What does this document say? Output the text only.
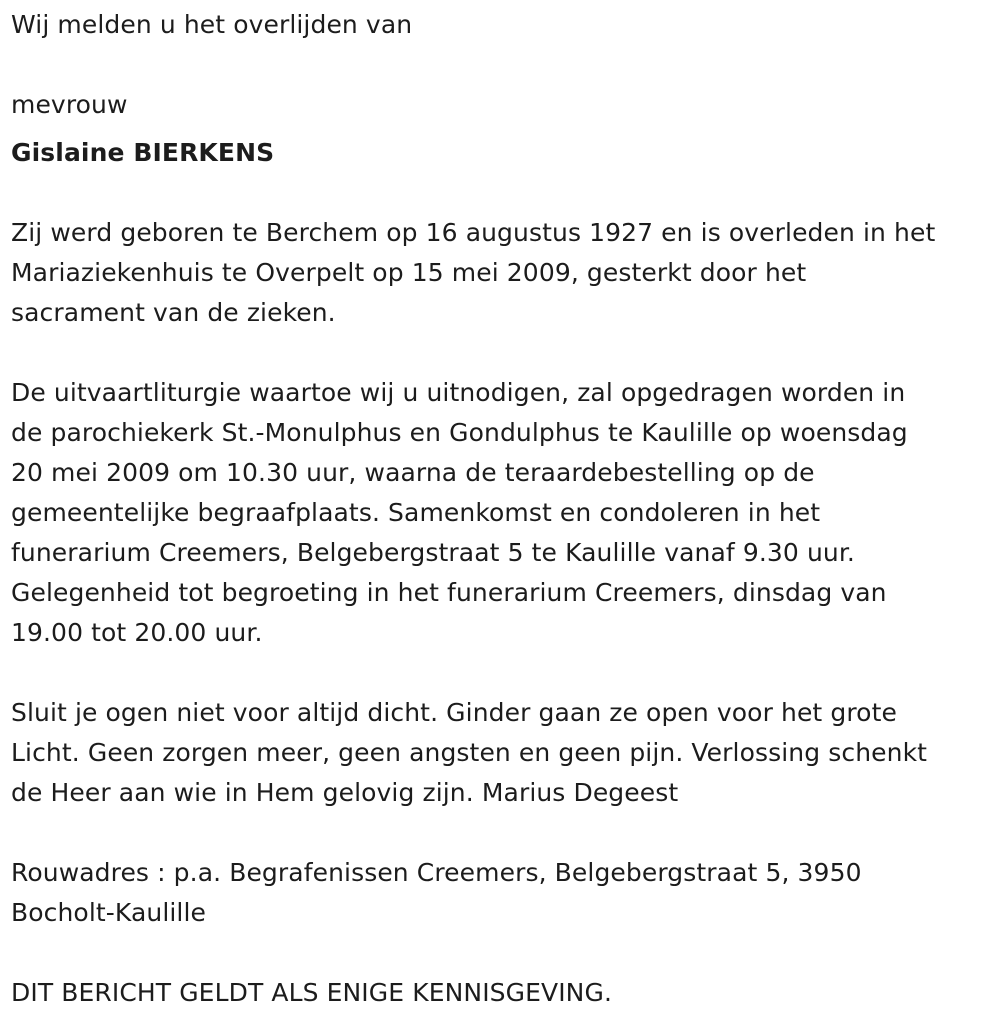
Wij melden u het overlijden van

mevrouw

Gislaine BIERKENS

Zij werd geboren te Berchem op 16 augustus 1927 en is overleden in het
Mariaziekenhuis te Overpelt op 15 mei 2009, gesterkt door het
sacrament van de zieken.

De uitvaartliturgie waartoe wij u uitnodigen, zal opgedragen worden in
de parochiekerk St.-Monulphus en Gondulphus te Kaulille op woensdag
20 mei 2009 om 10.30 uur, waarna de teraardebestelling op de
gemeentelijke begraafplaats. Samenkomst en condoleren in het
funerarium Creemers, Belgebergstraat 5 te Kaulille vanaf 9.30 uur.
Gelegenheid tot begroeting in het funerarium Creemers, dinsdag van
19.00 tot 20.00 uur.

Sluit je ogen niet voor altijd dicht. Ginder gaan ze open voor het grote
Licht. Geen zorgen meer, geen angsten en geen pijn. Verlossing schenkt
de Heer aan wie in Hem gelovig zijn. Marius Degeest

Rouwadres : p.a. Begrafenissen Creemers, Belgebergstraat 5, 3950
Bocholt-Kaulille

DIT BERICHT GELDT ALS ENIGE KENNISGEVING.
